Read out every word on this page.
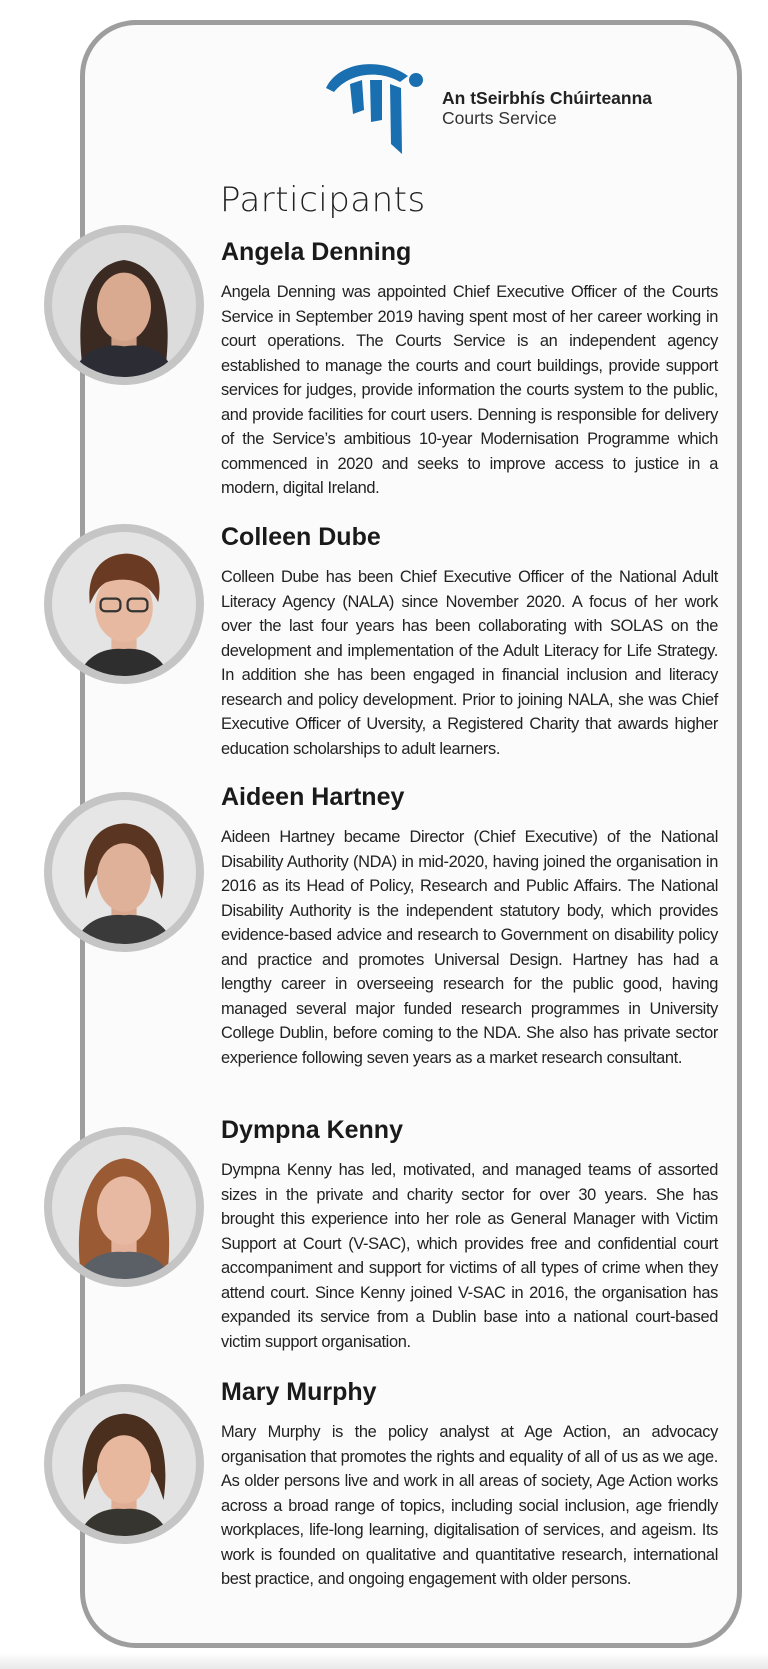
An tSeirbhís Chúirteanna
Courts Service
Participants
Angela Denning

Angela Denning was appointed Chief Executive Officer of the Courts Service in September 2019 having spent most of her career working in court operations. The Courts Service is an independent agency established to manage the courts and court buildings, provide support services for judges, provide information the courts system to the public, and provide facilities for court users. Denning is responsible for delivery of the Service’s ambitious 10-year Modernisation Programme which commenced in 2020 and seeks to improve access to justice in a modern, digital Ireland.

Colleen Dube

Colleen Dube has been Chief Executive Officer of the National Adult Literacy Agency (NALA) since November 2020. A focus of her work over the last four years has been collaborating with SOLAS on the development and implementation of the Adult Literacy for Life Strategy. In addition she has been engaged in financial inclusion and literacy research and policy development. Prior to joining NALA, she was Chief Executive Officer of Uversity, a Registered Charity that awards higher education scholarships to adult learners.

Aideen Hartney

Aideen Hartney became Director (Chief Executive) of the National Disability Authority (NDA) in mid-2020, having joined the organisation in 2016 as its Head of Policy, Research and Public Affairs. The National Disability Authority is the independent statutory body, which provides evidence-based advice and research to Government on disability policy and practice and promotes Universal Design. Hartney has had a lengthy career in overseeing research for the public good, having managed several major funded research programmes in University College Dublin, before coming to the NDA. She also has private sector experience following seven years as a market research consultant.

Dympna Kenny

Dympna Kenny has led, motivated, and managed teams of assorted sizes in the private and charity sector for over 30 years. She has brought this experience into her role as General Manager with Victim Support at Court (V-SAC), which provides free and confidential court accompaniment and support for victims of all types of crime when they attend court. Since Kenny joined V-SAC in 2016, the organisation has expanded its service from a Dublin base into a national court-based victim support organisation.

Mary Murphy

Mary Murphy is the policy analyst at Age Action, an advocacy organisation that promotes the rights and equality of all of us as we age. As older persons live and work in all areas of society, Age Action works across a broad range of topics, including social inclusion, age friendly workplaces, life-long learning, digitalisation of services, and ageism. Its work is founded on qualitative and quantitative research, international best practice, and ongoing engagement with older persons.
